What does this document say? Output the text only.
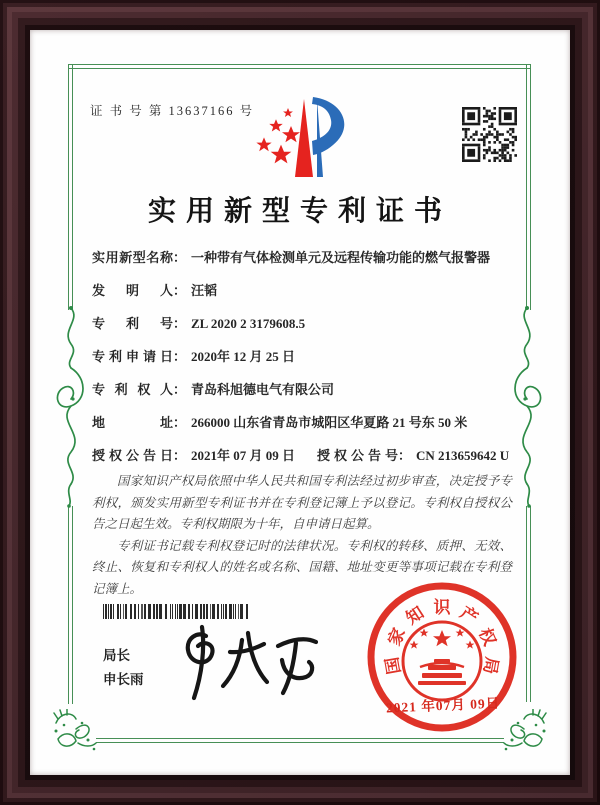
证 书 号 第 13637166 号
实用新型专利证书
实用新型名称： 一种带有气体检测单元及远程传输功能的燃气报警器
发明人： 汪韬
专利号： ZL 2020 2 3179608.5
专利申请日： 2020年 12 月 25 日
专利权人： 青岛科旭德电气有限公司
地址： 266000 山东省青岛市城阳区华夏路 21 号东 50 米
授权公告日： 2021年 07 月 09 日 授权公告号： CN 213659642 U

国家知识产权局依照中华人民共和国专利法经过初步审查，决定授予专利权，颁发实用新型专利证书并在专利登记簿上予以登记。专利权自授权公告之日起生效。专利权期限为十年，自申请日起算。

专利证书记载专利权登记时的法律状况。专利权的转移、质押、无效、终止、恢复和专利权人的姓名或名称、国籍、地址变更等事项记载在专利登记簿上。

局长
申长雨
国
家
知 识 产
权
局
2021 年07月 09日
